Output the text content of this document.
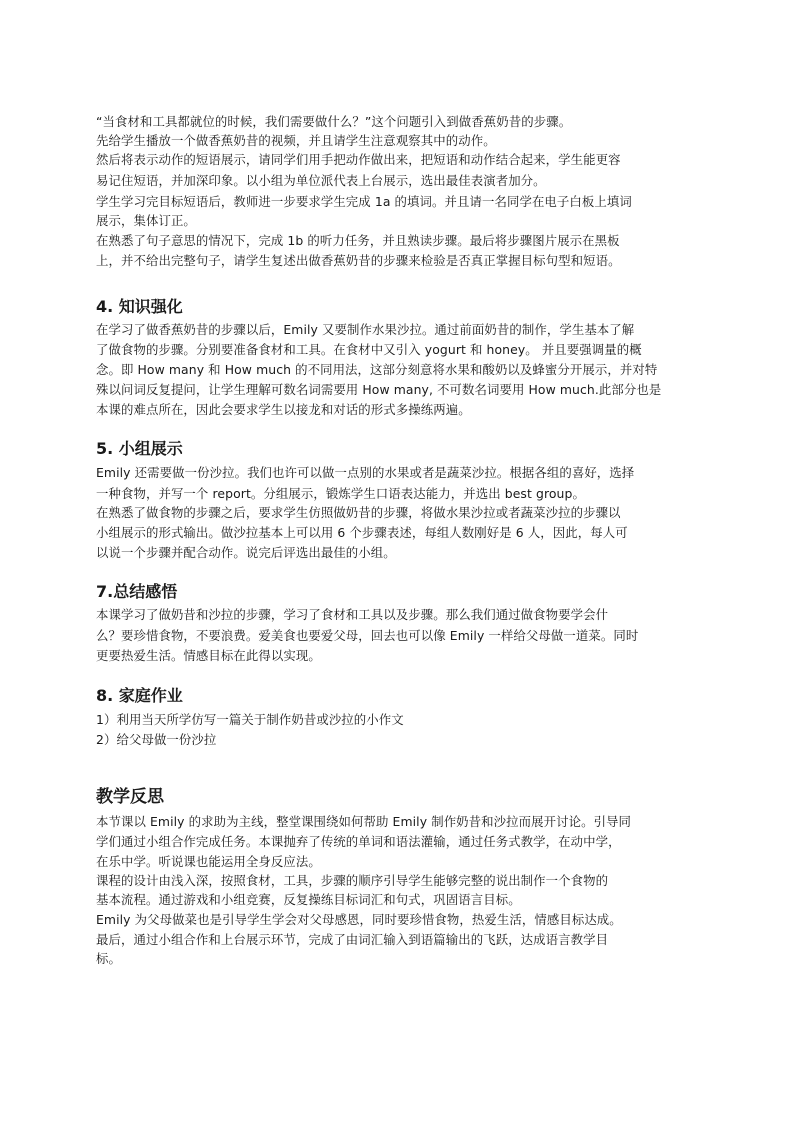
“当食材和工具都就位的时候，我们需要做什么？”这个问题引入到做香蕉奶昔的步骤。
先给学生播放一个做香蕉奶昔的视频，并且请学生注意观察其中的动作。
然后将表示动作的短语展示，请同学们用手把动作做出来，把短语和动作结合起来，学生能更容
易记住短语，并加深印象。以小组为单位派代表上台展示，选出最佳表演者加分。
学生学习完目标短语后，教师进一步要求学生完成 1a 的填词。并且请一名同学在电子白板上填词
展示，集体订正。
在熟悉了句子意思的情况下，完成 1b 的听力任务，并且熟读步骤。最后将步骤图片展示在黑板
上，并不给出完整句子，请学生复述出做香蕉奶昔的步骤来检验是否真正掌握目标句型和短语。
4. 知识强化
在学习了做香蕉奶昔的步骤以后，Emily 又要制作水果沙拉。通过前面奶昔的制作，学生基本了解
了做食物的步骤。分别要准备食材和工具。在食材中又引入 yogurt 和 honey。 并且要强调量的概
念。即 How many 和 How much 的不同用法，这部分刻意将水果和酸奶以及蜂蜜分开展示，并对特
殊以问词反复提问，让学生理解可数名词需要用 How many, 不可数名词要用 How much.此部分也是
本课的难点所在，因此会要求学生以接龙和对话的形式多操练两遍。
5. 小组展示
Emily 还需要做一份沙拉。我们也许可以做一点别的水果或者是蔬菜沙拉。根据各组的喜好，选择
一种食物，并写一个 report。分组展示，锻炼学生口语表达能力，并选出 best group。
在熟悉了做食物的步骤之后，要求学生仿照做奶昔的步骤，将做水果沙拉或者蔬菜沙拉的步骤以
小组展示的形式输出。做沙拉基本上可以用 6 个步骤表述，每组人数刚好是 6 人，因此，每人可
以说一个步骤并配合动作。说完后评选出最佳的小组。
7.总结感悟
本课学习了做奶昔和沙拉的步骤，学习了食材和工具以及步骤。那么我们通过做食物要学会什
么？要珍惜食物，不要浪费。爱美食也要爱父母，回去也可以像 Emily 一样给父母做一道菜。同时
更要热爱生活。情感目标在此得以实现。
8. 家庭作业
1）利用当天所学仿写一篇关于制作奶昔或沙拉的小作文
2）给父母做一份沙拉
教学反思
本节课以 Emily 的求助为主线，整堂课围绕如何帮助 Emily 制作奶昔和沙拉而展开讨论。引导同
学们通过小组合作完成任务。本课抛弃了传统的单词和语法灌输，通过任务式教学，在动中学，
在乐中学。听说课也能运用全身反应法。
课程的设计由浅入深，按照食材，工具，步骤的顺序引导学生能够完整的说出制作一个食物的
基本流程。通过游戏和小组竞赛，反复操练目标词汇和句式，巩固语言目标。
Emily 为父母做菜也是引导学生学会对父母感恩，同时要珍惜食物，热爱生活，情感目标达成。
最后，通过小组合作和上台展示环节，完成了由词汇输入到语篇输出的飞跃，达成语言教学目
标。
